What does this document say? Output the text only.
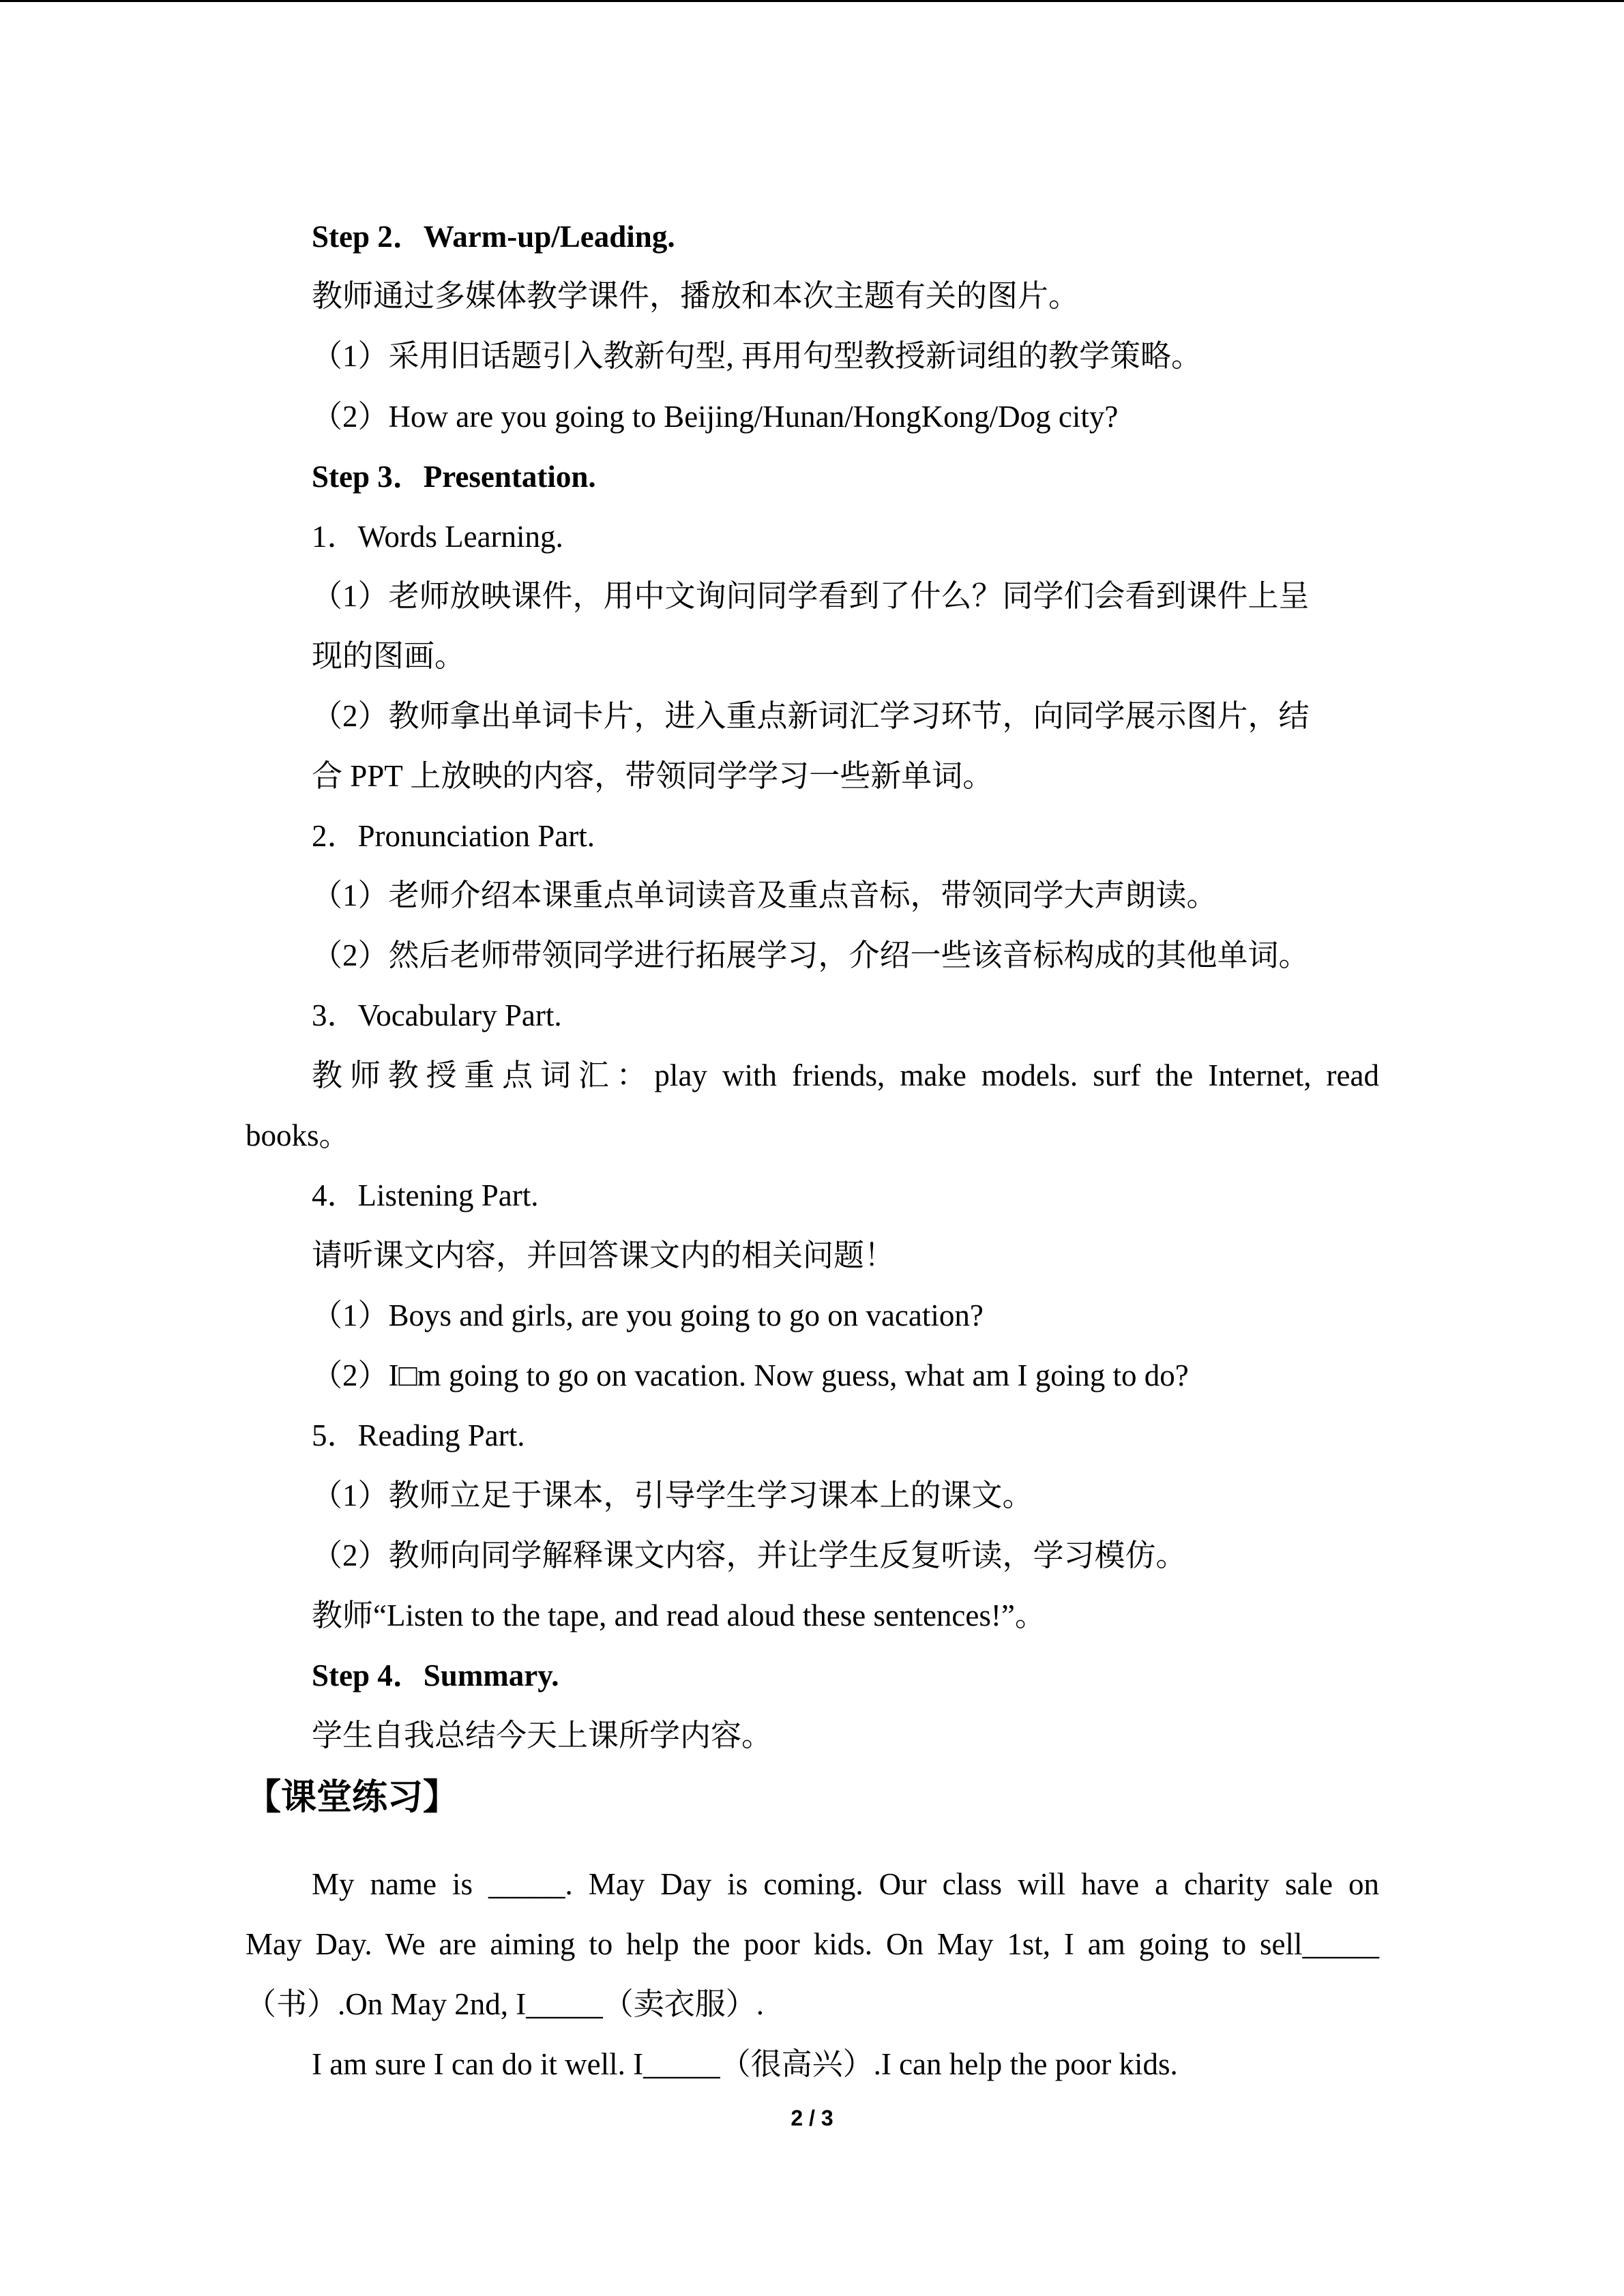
Step 2．Warm-up/Leading.
教师通过多媒体教学课件，播放和本次主题有关的图片。
（1）采用旧话题引入教新句型, 再用句型教授新词组的教学策略。
（2）How are you going to Beijing/Hunan/HongKong/Dog city?
Step 3．Presentation.
1．Words Learning.
（1）老师放映课件，用中文询问同学看到了什么？同学们会看到课件上呈
现的图画。
（2）教师拿出单词卡片，进入重点新词汇学习环节，向同学展示图片，结
合 PPT 上放映的内容，带领同学学习一些新单词。
2．Pronunciation Part.
（1）老师介绍本课重点单词读音及重点音标，带领同学大声朗读。
（2）然后老师带领同学进行拓展学习，介绍一些该音标构成的其他单词。
3．Vocabulary Part.
教师教授重点词汇：play with friends, make models. surf the Internet, read
books。
4．Listening Part.
请听课文内容，并回答课文内的相关问题！
（1）Boys and girls, are you going to go on vacation?
（2）I□m going to go on vacation. Now guess, what am I going to do?
5．Reading Part.
（1）教师立足于课本，引导学生学习课本上的课文。
（2）教师向同学解释课文内容，并让学生反复听读，学习模仿。
教师“Listen to the tape, and read aloud these sentences!”。
Step 4．Summary.
学生自我总结今天上课所学内容。
【课堂练习】
My name is _____. May Day is coming. Our class will have a charity sale on
May Day. We are aiming to help the poor kids. On May 1st, I am going to sell_____
（书）.On May 2nd, I_____（卖衣服）.
I am sure I can do it well. I_____（很高兴）.I can help the poor kids.
2 / 3
